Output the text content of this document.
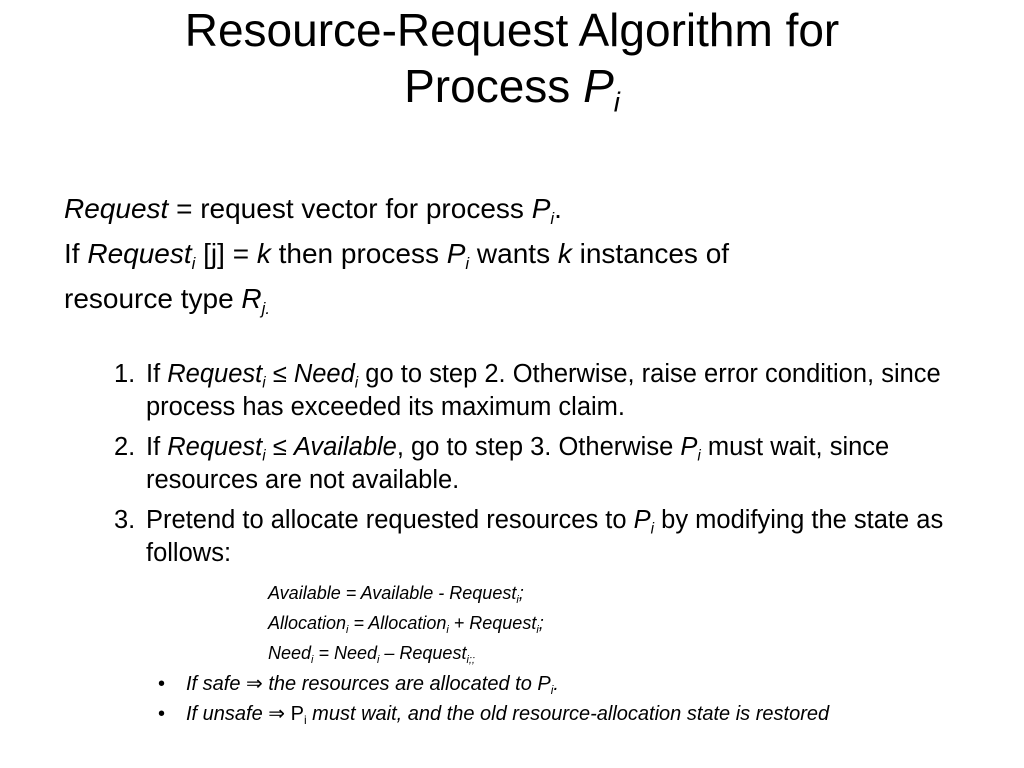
Resource-Request Algorithm for
Process $P_i$

Request = request vector for process $P_i$.

If Request$_i$ [j] = k then process $P_i$ wants k instances of

resource type $R_{j.}$

1. If Request$_i$ ≤ Need$_i$ go to step 2. Otherwise, raise error condition, since process has exceeded its maximum claim.
2. If Request$_i$ ≤ Available, go to step 3. Otherwise $P_i$ must wait, since resources are not available.
3. Pretend to allocate requested resources to $P_i$ by modifying the state as follows:
Available = Available - Request$_i$;
Allocation$_i$ = Allocation$_i$ + Request$_i$;
Need$_i$ = Need$_i$ – Request$_{i;;}$
•	If safe ⇒ the resources are allocated to $P_i$.
•	If unsafe ⇒ $P_i$ must wait, and the old resource-allocation state is restored
